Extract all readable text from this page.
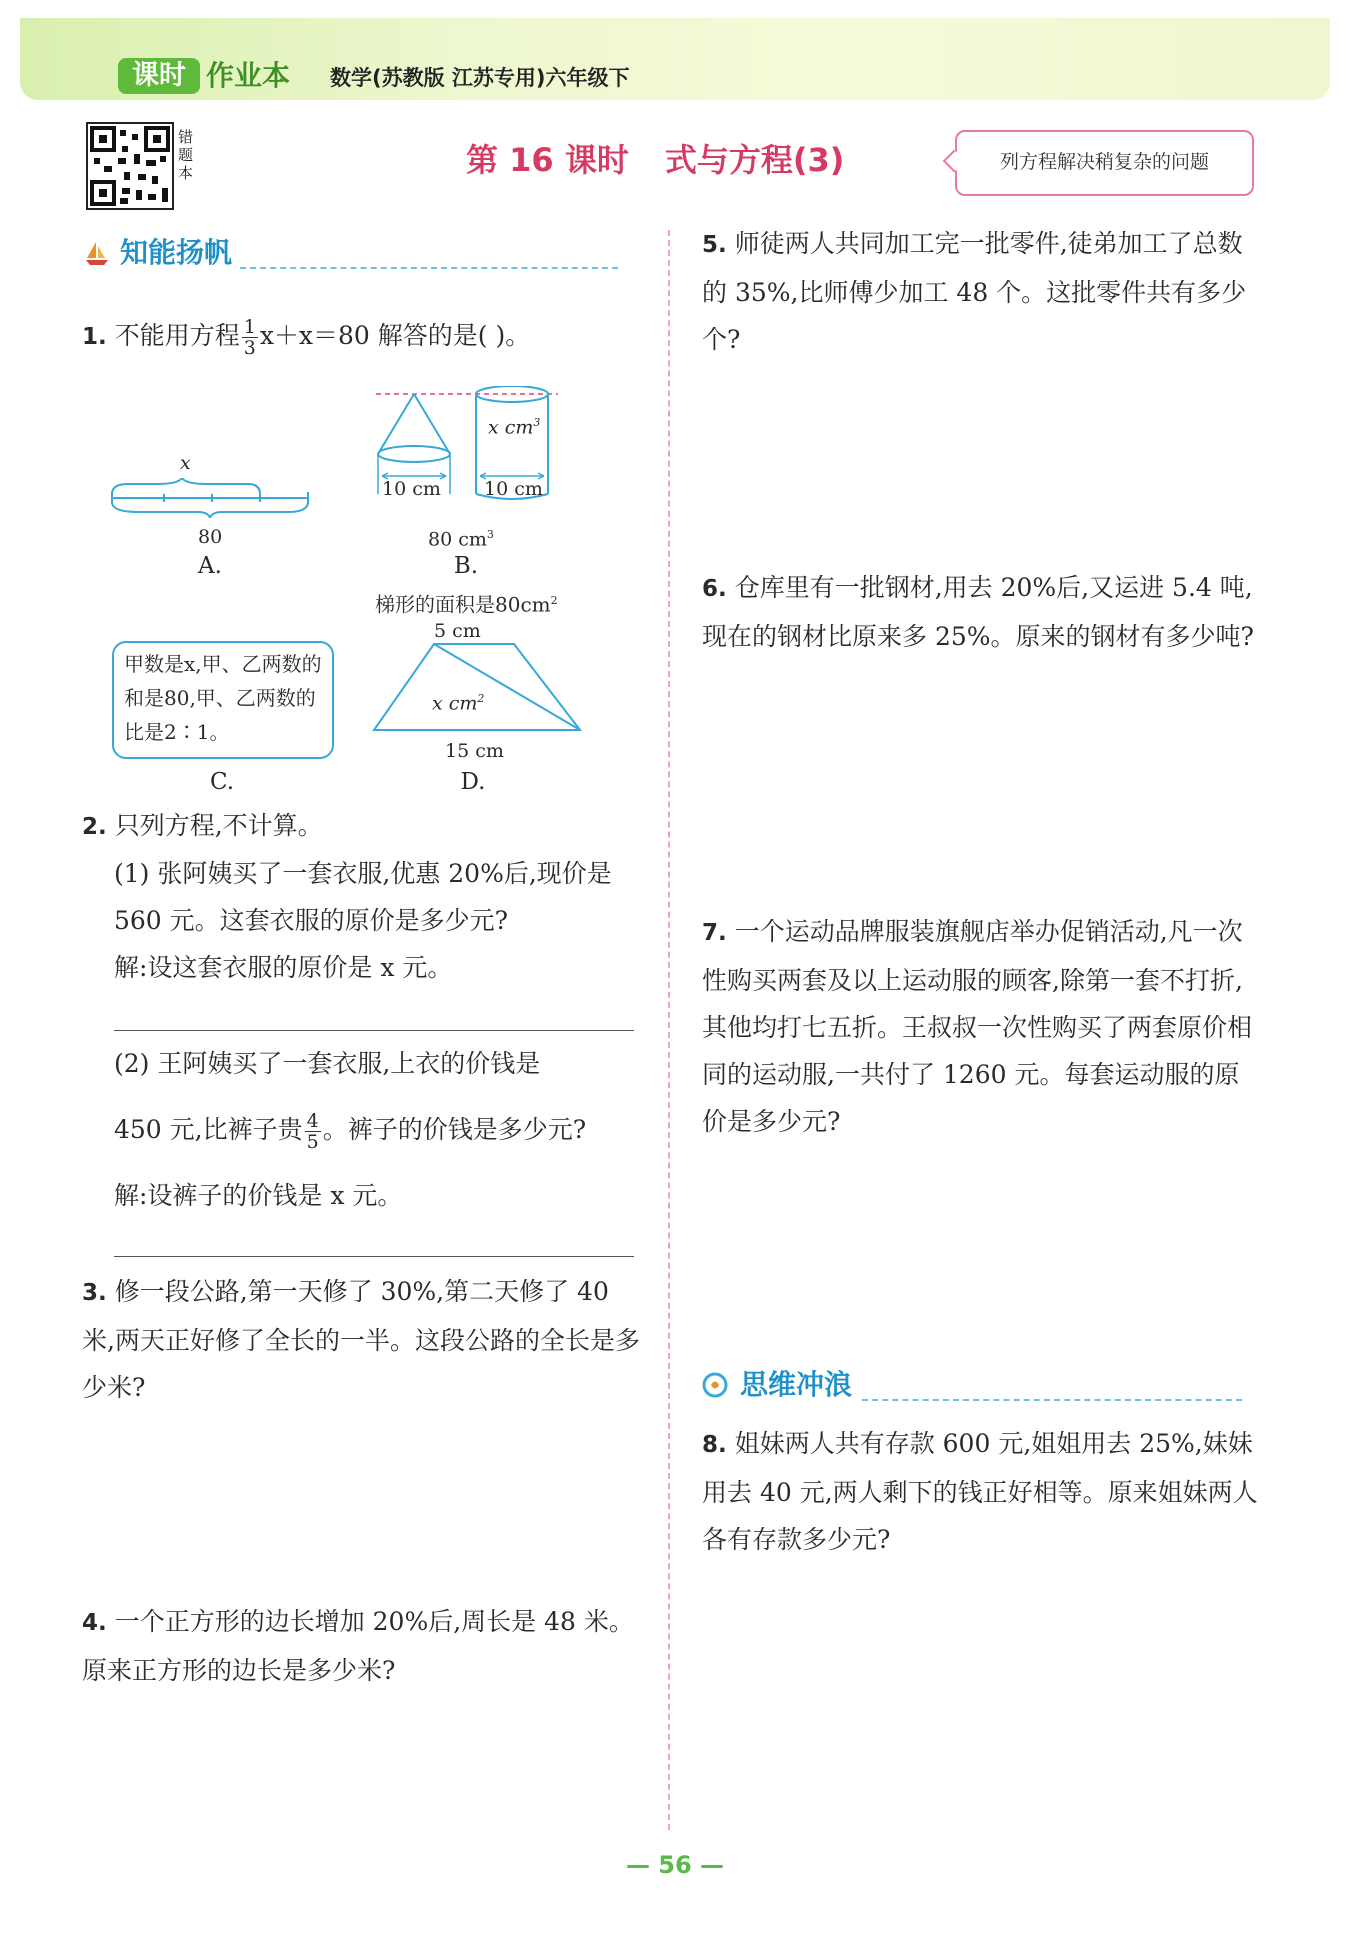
课时 作业本 数学(苏教版 江苏专用)六年级下
错题本	第 16 课时 式与方程(3)	列方程解决稍复杂的问题
知能扬帆
1. 不能用方程 $\frac{1}{3} x+x=80$ 解答的是( )。
x
80
A.
x $cm^3$
10 cm 10 cm
80 $cm^3$
B.
梯形的面积是$80cm^2$
甲数是x,甲、乙两数的和是80,甲、乙两数的比是2∶1。
C.
5 cm
x $cm^2$
15 cm
D.
2. 只列方程,不计算。
(1) 张阿姨买了一套衣服,优惠 20%后,现价是 560 元。这套衣服的原价是多少元?
解:设这套衣服的原价是 x 元。
(2) 王阿姨买了一套衣服,上衣的价钱是
450 元,比裤子贵 $\frac{4}{5}$ 。裤子的价钱是多少元?
解:设裤子的价钱是 x 元。
3. 修一段公路,第一天修了 30%,第二天修了 40 米,两天正好修了全长的一半。这段公路的全长是多少米?
4. 一个正方形的边长增加 20%后,周长是 48 米。原来正方形的边长是多少米?
5. 师徒两人共同加工完一批零件,徒弟加工了总数的 35%,比师傅少加工 48 个。这批零件共有多少个?
6. 仓库里有一批钢材,用去 20%后,又运进 5.4 吨,现在的钢材比原来多 25%。原来的钢材有多少吨?
7. 一个运动品牌服装旗舰店举办促销活动,凡一次性购买两套及以上运动服的顾客,除第一套不打折,其他均打七五折。王叔叔一次性购买了两套原价相同的运动服,一共付了 1260 元。每套运动服的原价是多少元?
思维冲浪
8. 姐妹两人共有存款 600 元,姐姐用去 25%,妹妹用去 40 元,两人剩下的钱正好相等。原来姐妹两人各有存款多少元?
— 56 —
